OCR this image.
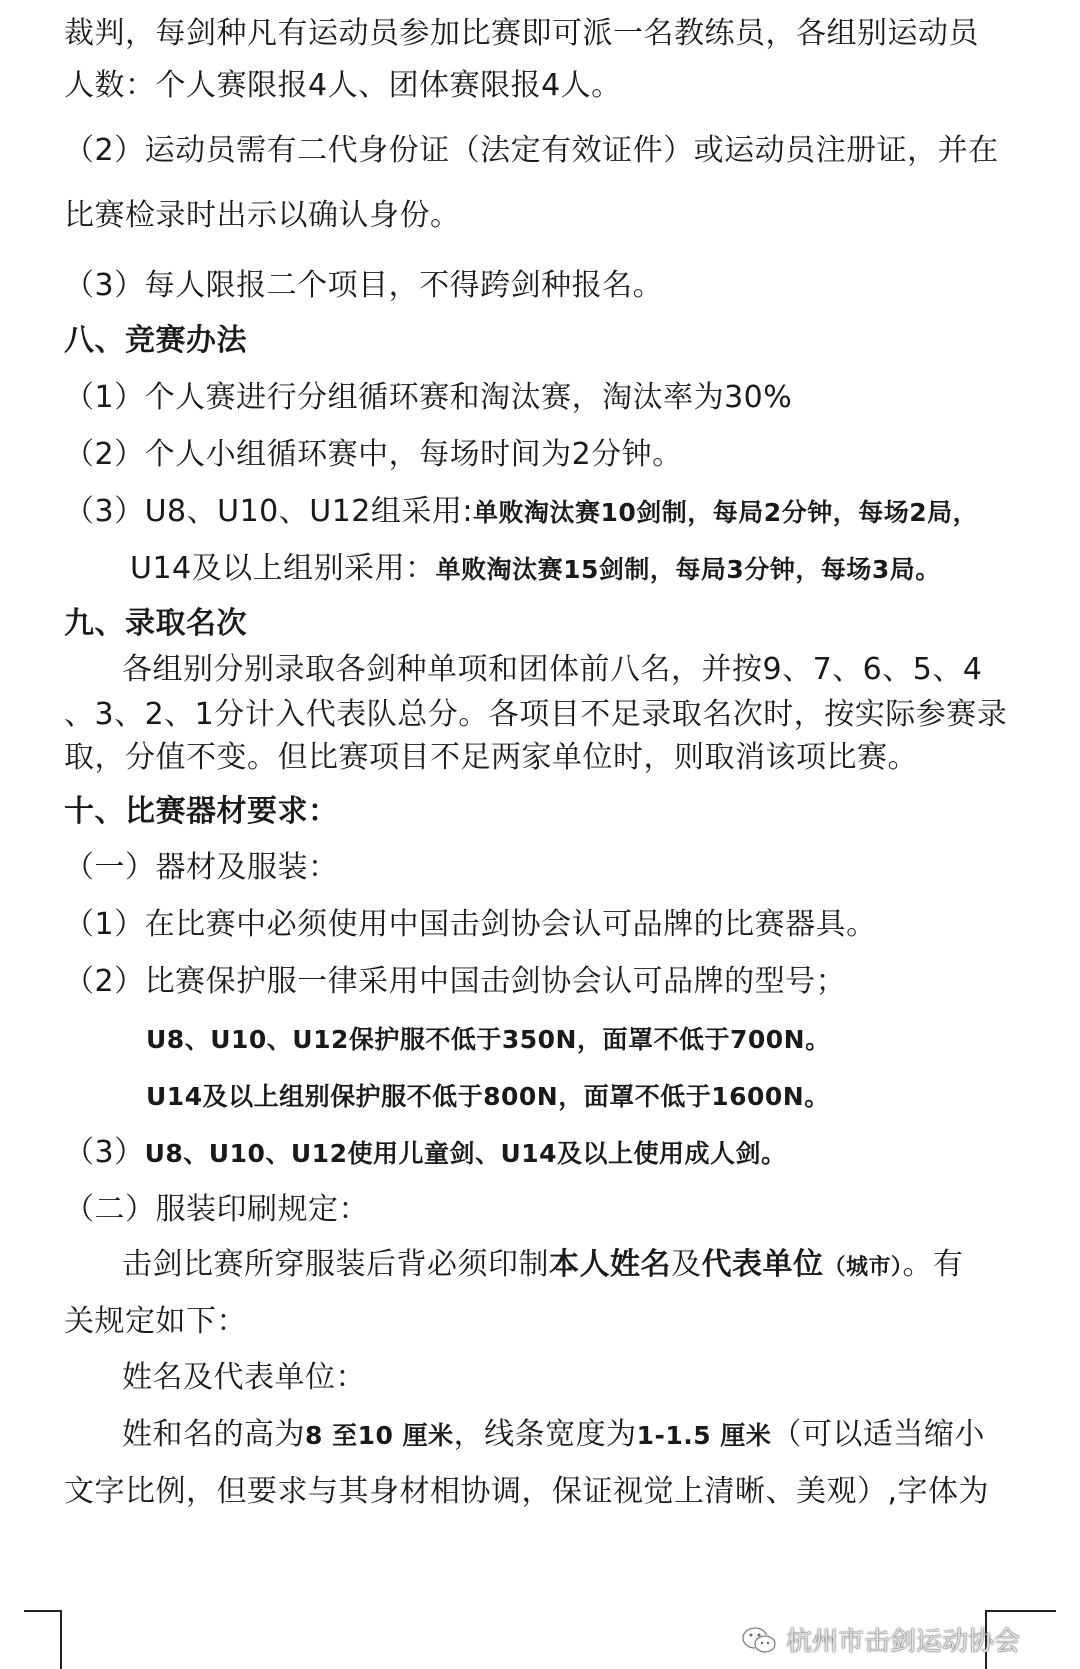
裁判，每剑种凡有运动员参加比赛即可派一名教练员，各组别运动员
人数：个人赛限报4人、团体赛限报4人。
（2）运动员需有二代身份证（法定有效证件）或运动员注册证，并在
比赛检录时出示以确认身份。
（3）每人限报二个项目，不得跨剑种报名。
八、竞赛办法
（1）个人赛进行分组循环赛和淘汰赛，淘汰率为30%
（2）个人小组循环赛中，每场时间为2分钟。
（3）U8、U10、U12组采用:单败淘汰赛10剑制，每局2分钟，每场2局，
U14及以上组别采用：单败淘汰赛15剑制，每局3分钟，每场3局。
九、录取名次
各组别分别录取各剑种单项和团体前八名，并按9、7、6、5、4
、3、2、1分计入代表队总分。各项目不足录取名次时，按实际参赛录
取，分值不变。但比赛项目不足两家单位时，则取消该项比赛。
十、比赛器材要求：
（一）器材及服装：
（1）在比赛中必须使用中国击剑协会认可品牌的比赛器具。
（2）比赛保护服一律采用中国击剑协会认可品牌的型号；
U8、U10、U12保护服不低于350N，面罩不低于700N。
U14及以上组别保护服不低于800N，面罩不低于1600N。
（3）U8、U10、U12使用儿童剑、U14及以上使用成人剑。
（二）服装印刷规定：
击剑比赛所穿服装后背必须印制本人姓名及代表单位（城市）。有
关规定如下：
姓名及代表单位：
姓和名的高为8 至10 厘米，线条宽度为1-1.5 厘米（可以适当缩小
文字比例，但要求与其身材相协调，保证视觉上清晰、美观）,字体为
杭州市击剑运动协会
